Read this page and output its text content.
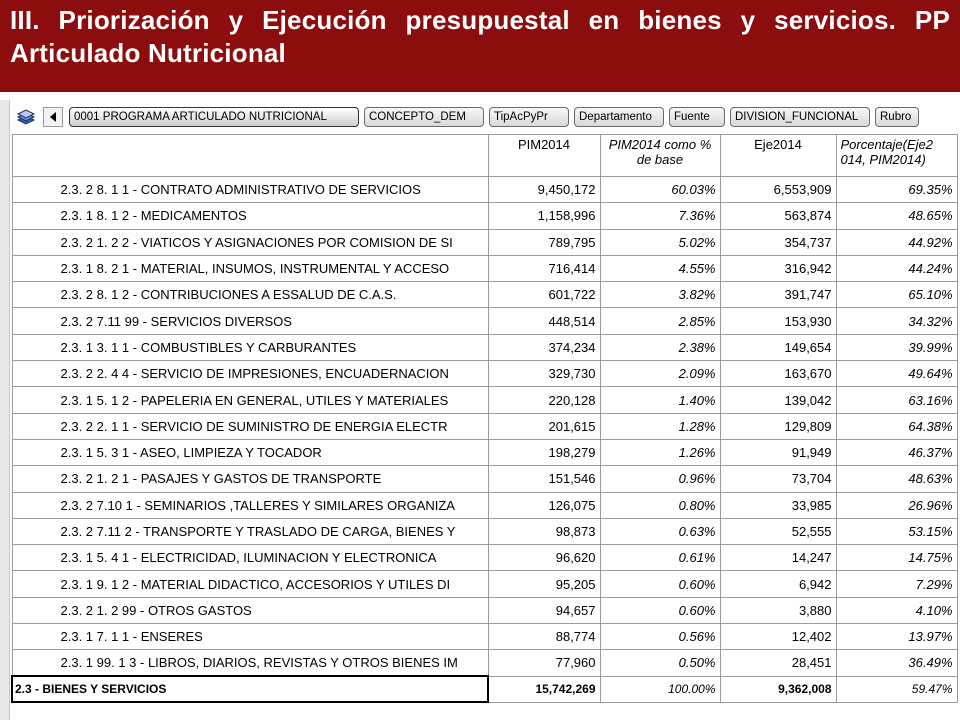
III. Priorización y Ejecución presupuestal en bienes y servicios. PP Articulado Nutricional
0001 PROGRAMA ARTICULADO NUTRICIONAL	CONCEPTO_DEM	TipAcPyPr	Departamento	Fuente	DIVISION_FUNCIONAL	Rubro
	PIM2014	PIM2014 como % de base	Eje2014	Porcentaje(Eje2 014, PIM2014)
2.3. 2 8. 1 1 - CONTRATO ADMINISTRATIVO DE SERVICIOS	9,450,172	60.03%	6,553,909	69.35%
2.3. 1 8. 1 2 - MEDICAMENTOS	1,158,996	7.36%	563,874	48.65%
2.3. 2 1. 2 2 - VIATICOS Y ASIGNACIONES POR COMISION DE SI	789,795	5.02%	354,737	44.92%
2.3. 1 8. 2 1 - MATERIAL, INSUMOS, INSTRUMENTAL Y ACCESO	716,414	4.55%	316,942	44.24%
2.3. 2 8. 1 2 - CONTRIBUCIONES A ESSALUD DE C.A.S.	601,722	3.82%	391,747	65.10%
2.3. 2 7.11 99 - SERVICIOS DIVERSOS	448,514	2.85%	153,930	34.32%
2.3. 1 3. 1 1 - COMBUSTIBLES Y CARBURANTES	374,234	2.38%	149,654	39.99%
2.3. 2 2. 4 4 - SERVICIO DE IMPRESIONES, ENCUADERNACION	329,730	2.09%	163,670	49.64%
2.3. 1 5. 1 2 - PAPELERIA EN GENERAL, UTILES Y MATERIALES	220,128	1.40%	139,042	63.16%
2.3. 2 2. 1 1 - SERVICIO DE SUMINISTRO DE ENERGIA ELECTR	201,615	1.28%	129,809	64.38%
2.3. 1 5. 3 1 - ASEO, LIMPIEZA Y TOCADOR	198,279	1.26%	91,949	46.37%
2.3. 2 1. 2 1 - PASAJES Y GASTOS DE TRANSPORTE	151,546	0.96%	73,704	48.63%
2.3. 2 7.10 1 - SEMINARIOS ,TALLERES Y SIMILARES ORGANIZA	126,075	0.80%	33,985	26.96%
2.3. 2 7.11 2 - TRANSPORTE Y TRASLADO DE CARGA, BIENES Y	98,873	0.63%	52,555	53.15%
2.3. 1 5. 4 1 - ELECTRICIDAD, ILUMINACION Y ELECTRONICA	96,620	0.61%	14,247	14.75%
2.3. 1 9. 1 2 - MATERIAL DIDACTICO, ACCESORIOS Y UTILES DI	95,205	0.60%	6,942	7.29%
2.3. 2 1. 2 99 - OTROS GASTOS	94,657	0.60%	3,880	4.10%
2.3. 1 7. 1 1 - ENSERES	88,774	0.56%	12,402	13.97%
2.3. 1 99. 1 3 - LIBROS, DIARIOS, REVISTAS Y OTROS BIENES IM	77,960	0.50%	28,451	36.49%
2.3 - BIENES Y SERVICIOS	15,742,269	100.00%	9,362,008	59.47%
